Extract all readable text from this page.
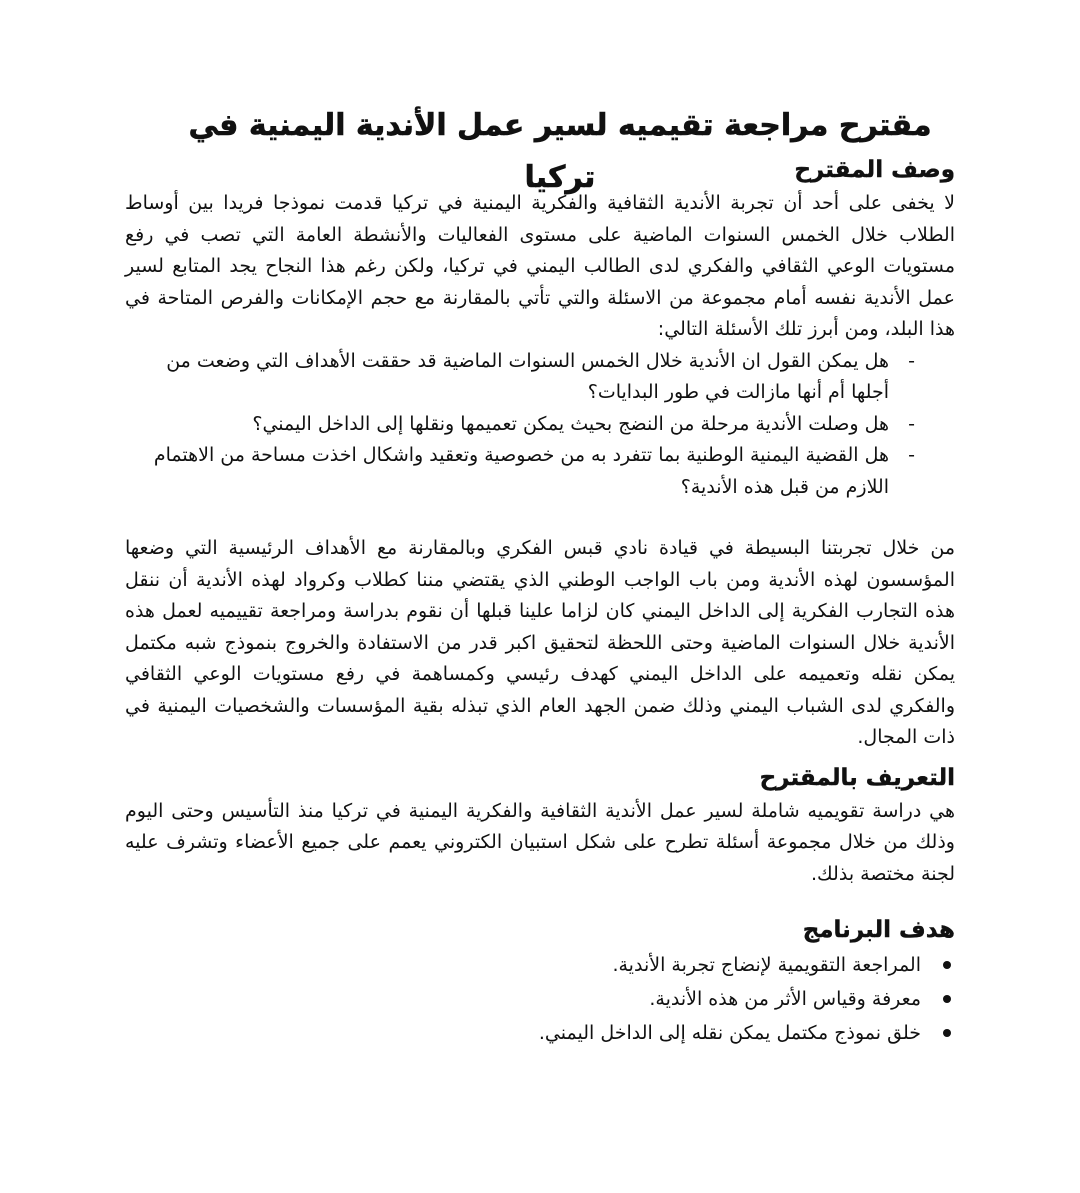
مقترح مراجعة تقيميه لسير عمل الأندية اليمنية في تركيا	وصف المقترح

لا يخفى على أحد أن تجربة الأندية الثقافية والفكرية اليمنية في تركيا قدمت نموذجا فريدا بين أوساط الطلاب خلال الخمس السنوات الماضية على مستوى الفعاليات والأنشطة العامة التي تصب في رفع مستويات الوعي الثقافي والفكري لدى الطالب اليمني في تركيا، ولكن رغم هذا النجاح يجد المتابع لسير عمل الأندية نفسه أمام مجموعة من الاسئلة والتي تأتي بالمقارنة مع حجم الإمكانات والفرص المتاحة في هذا البلد، ومن أبرز تلك الأسئلة التالي:

-
هل يمكن القول ان الأندية خلال الخمس السنوات الماضية قد حققت الأهداف التي وضعت من أجلها أم أنها مازالت في طور البدايات؟
-
هل وصلت الأندية مرحلة من النضج بحيث يمكن تعميمها ونقلها إلى الداخل اليمني؟
-
هل القضية اليمنية الوطنية بما تتفرد به من خصوصية وتعقيد واشكال اخذت مساحة من الاهتمام اللازم من قبل هذه الأندية؟

من خلال تجربتنا البسيطة في قيادة نادي قبس الفكري وبالمقارنة مع الأهداف الرئيسية التي وضعها المؤسسون لهذه الأندية ومن باب الواجب الوطني الذي يقتضي مننا كطلاب وكرواد لهذه الأندية أن ننقل هذه التجارب الفكرية إلى الداخل اليمني كان لزاما علينا قبلها أن نقوم بدراسة ومراجعة تقييميه لعمل هذه الأندية خلال السنوات الماضية وحتى اللحظة لتحقيق اكبر قدر من الاستفادة والخروج بنموذج شبه مكتمل يمكن نقله وتعميمه على الداخل اليمني كهدف رئيسي وكمساهمة في رفع مستويات الوعي الثقافي والفكري لدى الشباب اليمني وذلك ضمن الجهد العام الذي تبذله بقية المؤسسات والشخصيات اليمنية في ذات المجال.

التعريف بالمقترح

هي دراسة تقويميه شاملة لسير عمل الأندية الثقافية والفكرية اليمنية في تركيا منذ التأسيس وحتى اليوم وذلك من خلال مجموعة أسئلة تطرح على شكل استبيان الكتروني يعمم على جميع الأعضاء وتشرف عليه لجنة مختصة بذلك.

هدف البرنامج
المراجعة التقويمية لإنضاج تجربة الأندية.
معرفة وقياس الأثر من هذه الأندية.
خلق نموذج مكتمل يمكن نقله إلى الداخل اليمني.
